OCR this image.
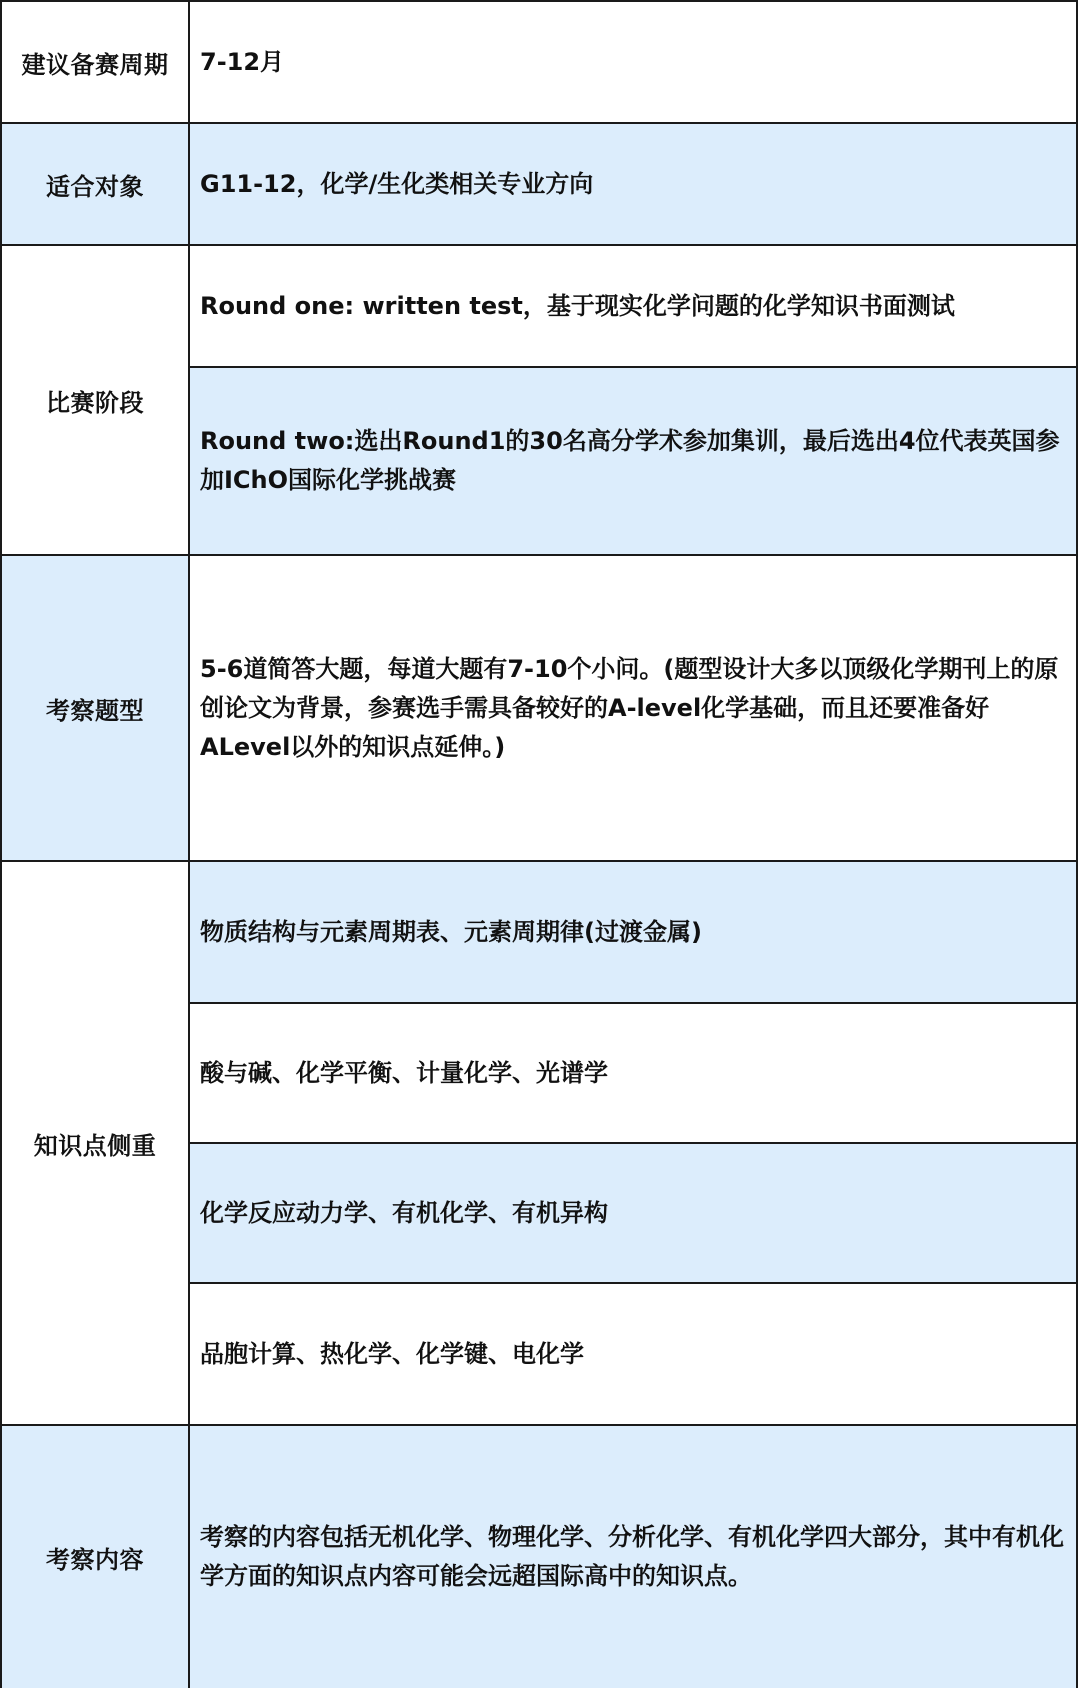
建议备赛周期	7-12月
适合对象	G11-12，化学/生化类相关专业方向
比赛阶段
Round one: written test，基于现实化学问题的化学知识书面测试
Round two:选出Round1的30名高分学术参加集训，最后选出4位代表英国参加IChO国际化学挑战赛
考察题型
5-6道简答大题，每道大题有7-10个小问。(题型设计大多以顶级化学期刊上的原创论文为背景，参赛选手需具备较好的A-level化学基础，而且还要准备好ALevel以外的知识点延伸。)
知识点侧重
物质结构与元素周期表、元素周期律(过渡金属)
酸与碱、化学平衡、计量化学、光谱学
化学反应动力学、有机化学、有机异构
品胞计算、热化学、化学键、电化学
考察内容
考察的内容包括无机化学、物理化学、分析化学、有机化学四大部分，其中有机化学方面的知识点内容可能会远超国际高中的知识点。
